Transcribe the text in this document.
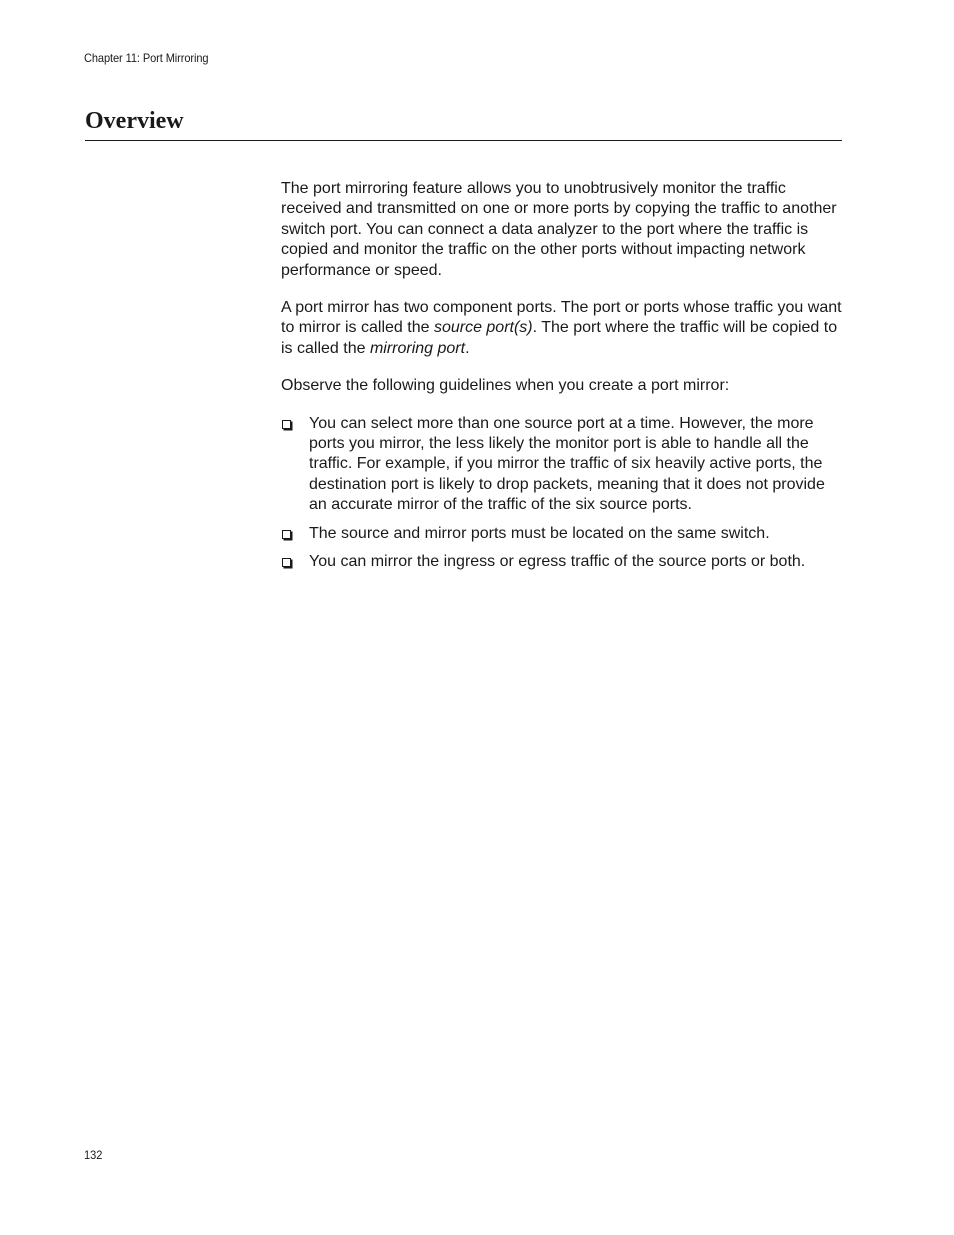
Chapter 11: Port Mirroring
Overview

The port mirroring feature allows you to unobtrusively monitor the traffic received and transmitted on one or more ports by copying the traffic to another switch port. You can connect a data analyzer to the port where the traffic is copied and monitor the traffic on the other ports without impacting network performance or speed.

A port mirror has two component ports. The port or ports whose traffic you want to mirror is called the source port(s). The port where the traffic will be copied to is called the mirroring port.

Observe the following guidelines when you create a port mirror:

You can select more than one source port at a time. However, the more ports you mirror, the less likely the monitor port is able to handle all the traffic. For example, if you mirror the traffic of six heavily active ports, the destination port is likely to drop packets, meaning that it does not provide an accurate mirror of the traffic of the six source ports.
The source and mirror ports must be located on the same switch.
You can mirror the ingress or egress traffic of the source ports or both.
132
